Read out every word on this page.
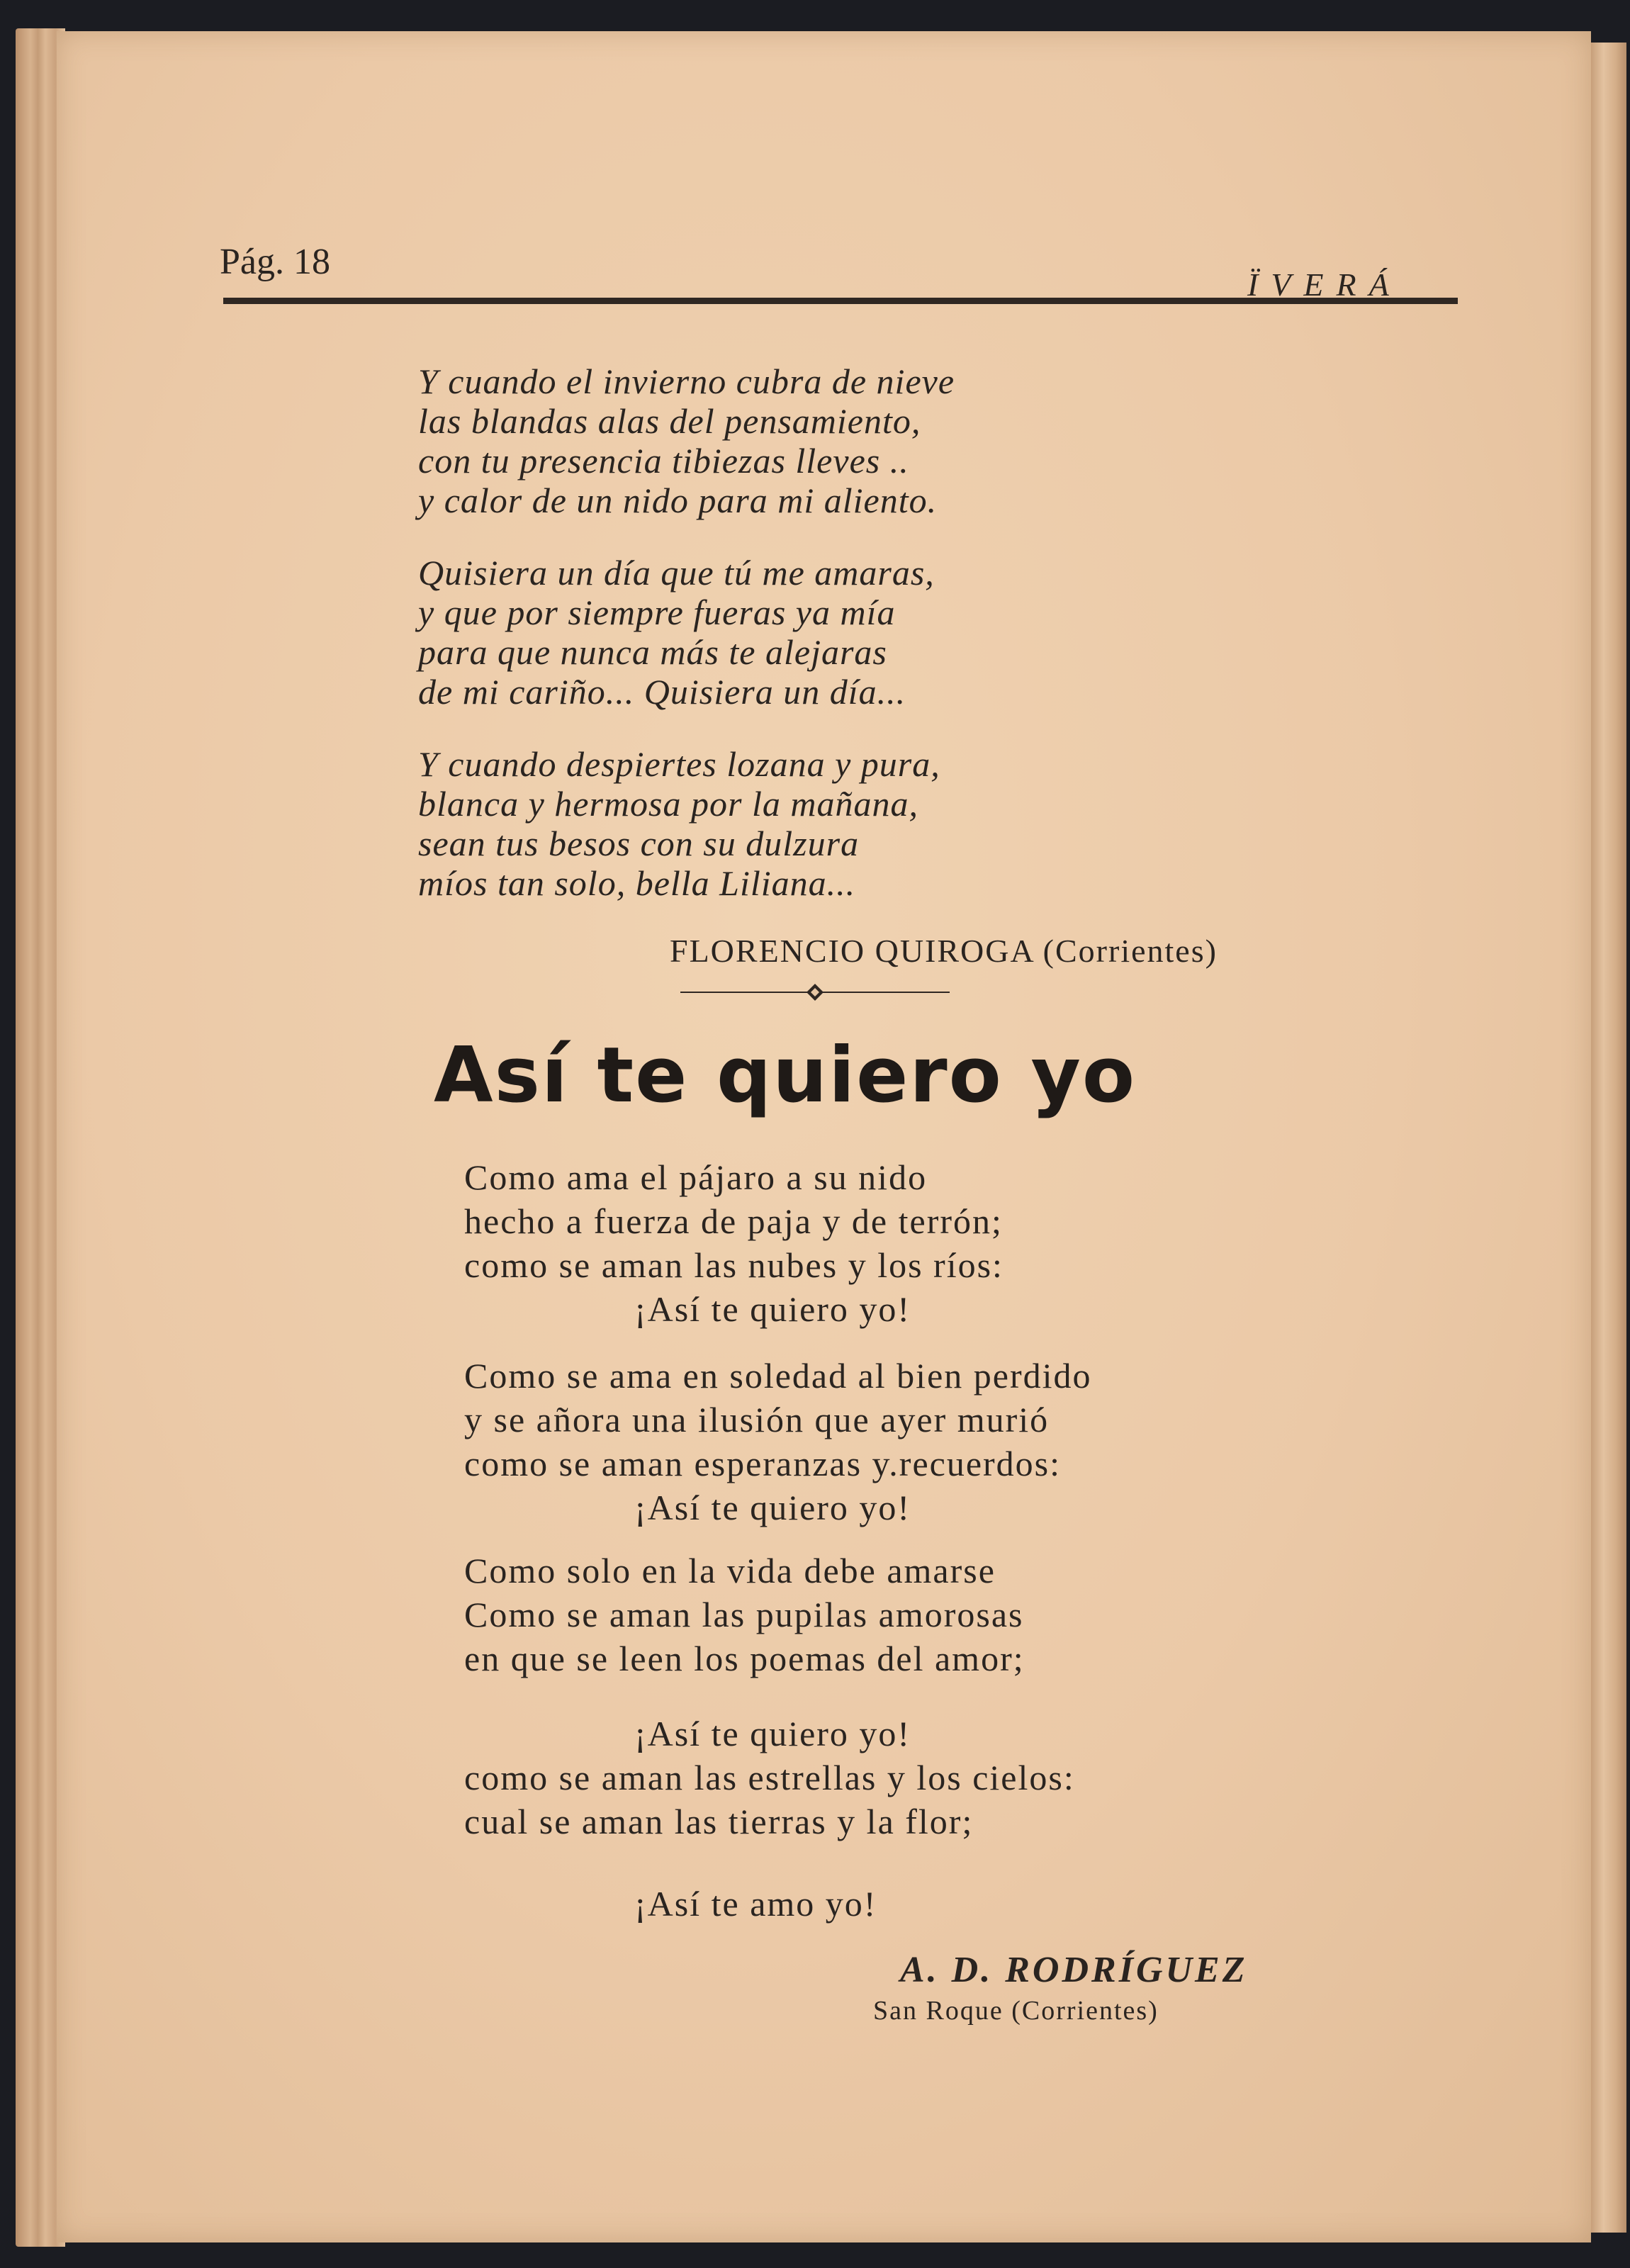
Pág. 18
ÏVERÁ
Y cuando el invierno cubra de nieve
las blandas alas del pensamiento,
con tu presencia tibiezas lleves ..
y calor de un nido para mi aliento.
Quisiera un día que tú me amaras,
y que por siempre fueras ya mía
para que nunca más te alejaras
de mi cariño... Quisiera un día...
Y cuando despiertes lozana y pura,
blanca y hermosa por la mañana,
sean tus besos con su dulzura
míos tan solo, bella Liliana...
FLORENCIO QUIROGA (Corrientes)
Así te quiero yo
Como ama el pájaro a su nido
hecho a fuerza de paja y de terrón;
como se aman las nubes y los ríos:
¡Así te quiero yo!
Como se ama en soledad al bien perdido
y se añora una ilusión que ayer murió
como se aman esperanzas y.recuerdos:
¡Así te quiero yo!
Como solo en la vida debe amarse
Como se aman las pupilas amorosas
en que se leen los poemas del amor;
¡Así te quiero yo!
como se aman las estrellas y los cielos:
cual se aman las tierras y la flor;
¡Así te amo yo!
A. D. RODRÍGUEZ
San Roque (Corrientes)
